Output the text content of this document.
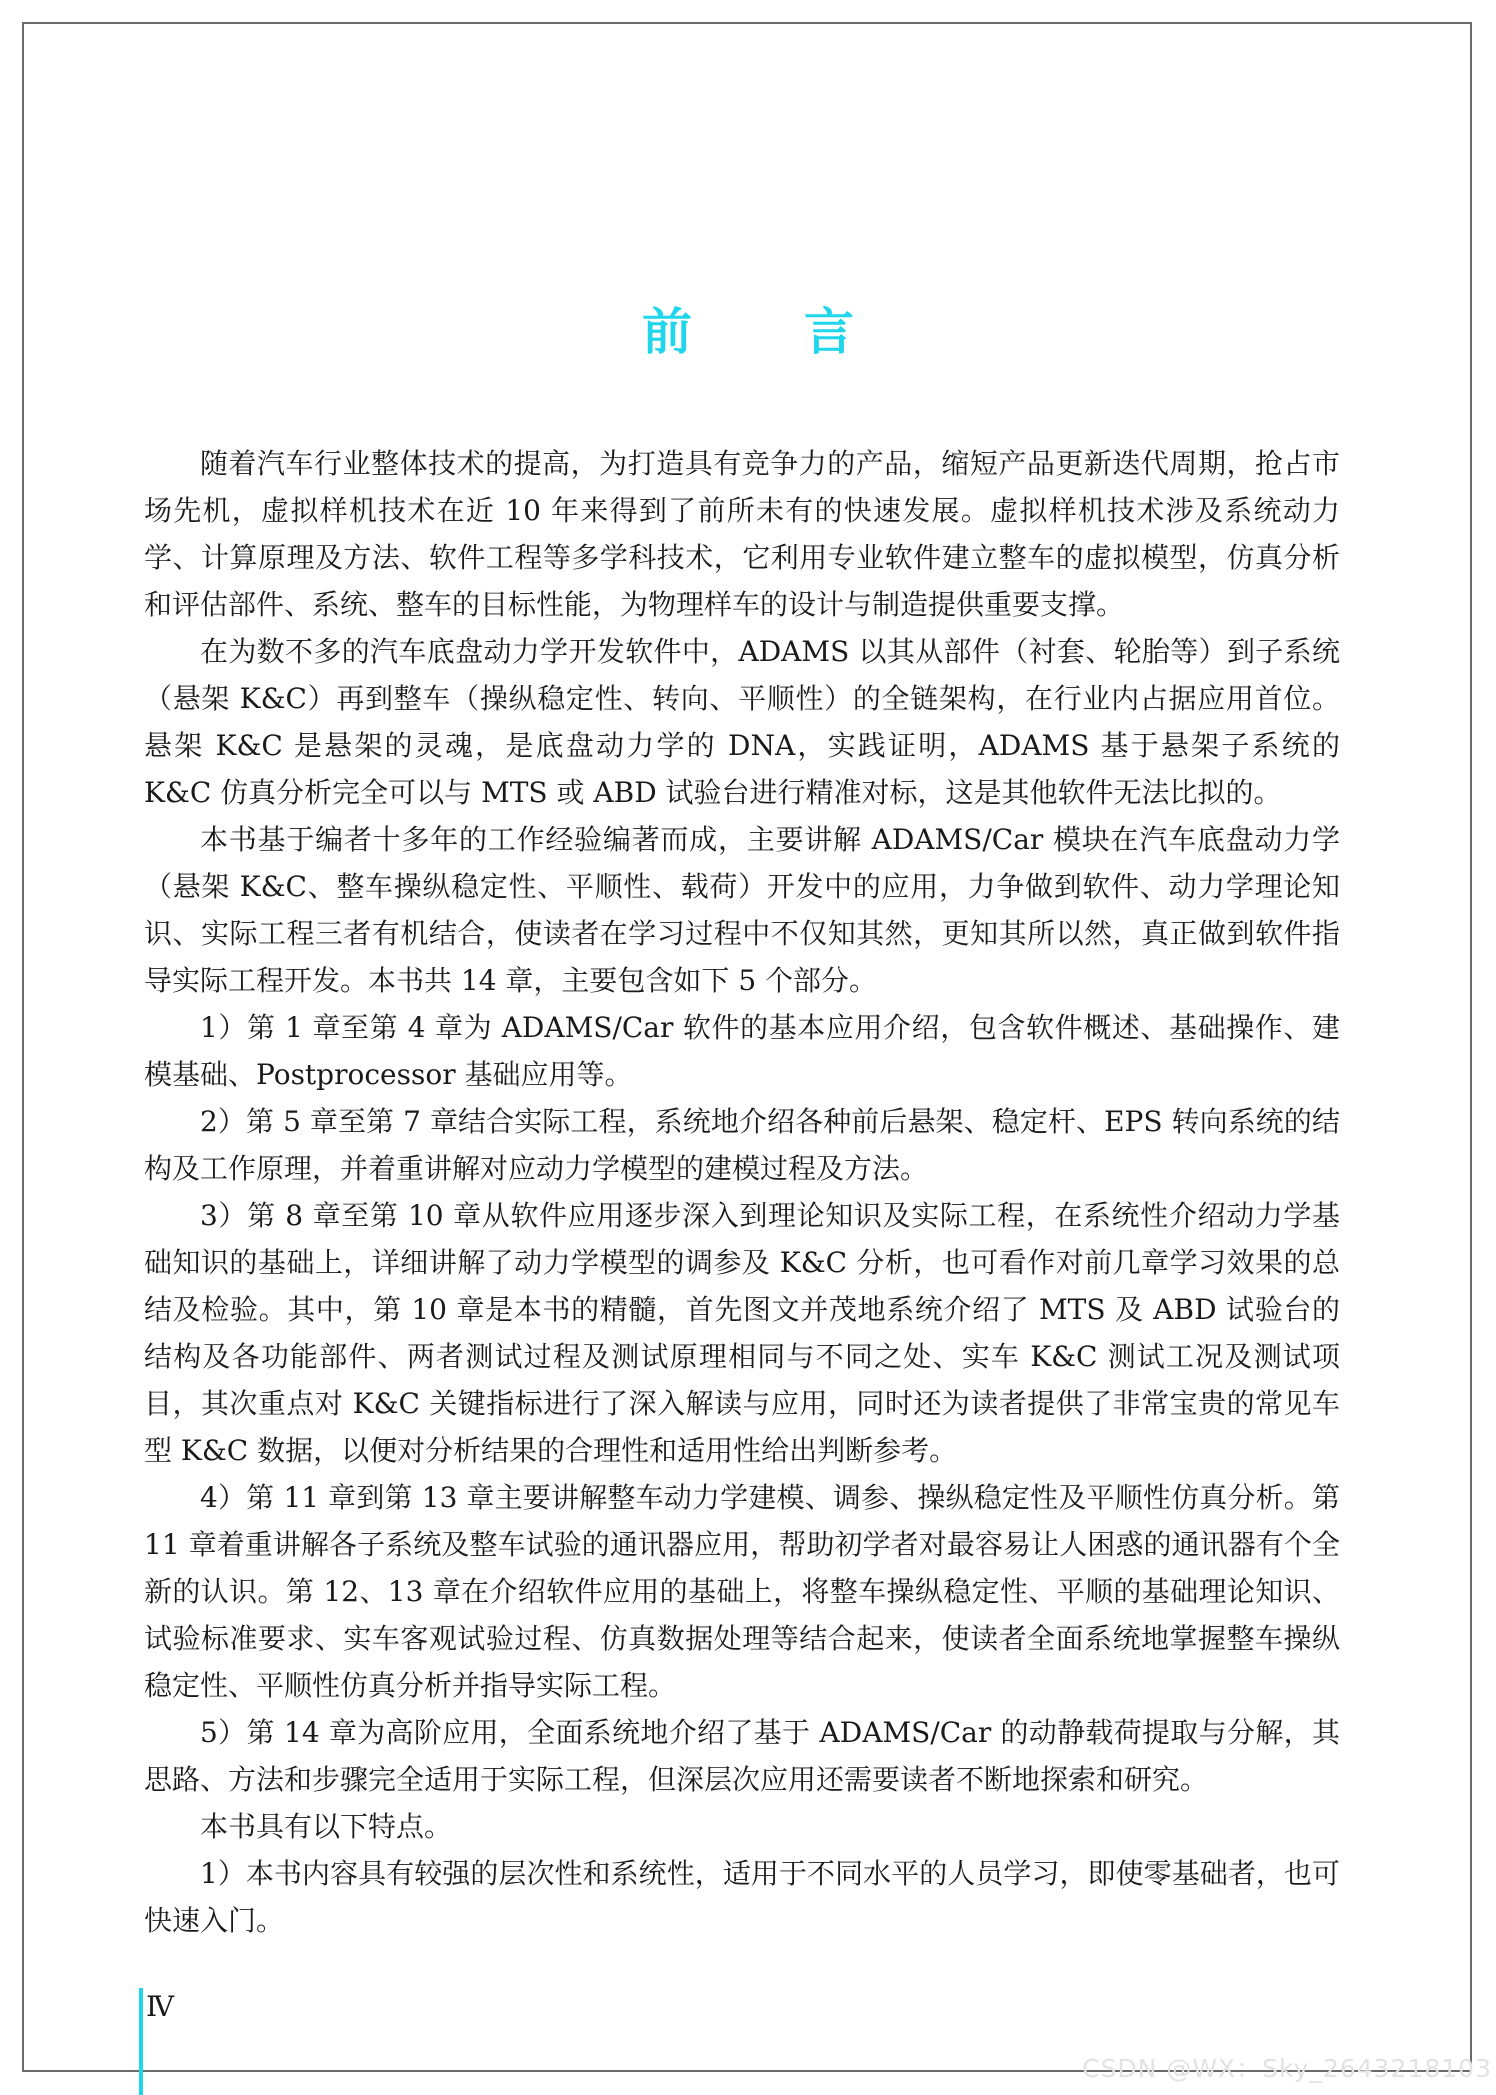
前 言

随着汽车行业整体技术的提高，为打造具有竞争力的产品，缩短产品更新迭代周期，抢占市场先机，虚拟样机技术在近 10 年来得到了前所未有的快速发展。虚拟样机技术涉及系统动力学、计算原理及方法、软件工程等多学科技术，它利用专业软件建立整车的虚拟模型，仿真分析和评估部件、系统、整车的目标性能，为物理样车的设计与制造提供重要支撑。

在为数不多的汽车底盘动力学开发软件中，ADAMS 以其从部件（衬套、轮胎等）到子系统（悬架 K&C）再到整车（操纵稳定性、转向、平顺性）的全链架构，在行业内占据应用首位。悬架 K&C 是悬架的灵魂，是底盘动力学的 DNA，实践证明，ADAMS 基于悬架子系统的 K&C 仿真分析完全可以与 MTS 或 ABD 试验台进行精准对标，这是其他软件无法比拟的。

本书基于编者十多年的工作经验编著而成，主要讲解 ADAMS/Car 模块在汽车底盘动力学（悬架 K&C、整车操纵稳定性、平顺性、载荷）开发中的应用，力争做到软件、动力学理论知识、实际工程三者有机结合，使读者在学习过程中不仅知其然，更知其所以然，真正做到软件指导实际工程开发。本书共 14 章，主要包含如下 5 个部分。

1）第 1 章至第 4 章为 ADAMS/Car 软件的基本应用介绍，包含软件概述、基础操作、建模基础、Postprocessor 基础应用等。

2）第 5 章至第 7 章结合实际工程，系统地介绍各种前后悬架、稳定杆、EPS 转向系统的结构及工作原理，并着重讲解对应动力学模型的建模过程及方法。

3）第 8 章至第 10 章从软件应用逐步深入到理论知识及实际工程，在系统性介绍动力学基础知识的基础上，详细讲解了动力学模型的调参及 K&C 分析，也可看作对前几章学习效果的总结及检验。其中，第 10 章是本书的精髓，首先图文并茂地系统介绍了 MTS 及 ABD 试验台的结构及各功能部件、两者测试过程及测试原理相同与不同之处、实车 K&C 测试工况及测试项目，其次重点对 K&C 关键指标进行了深入解读与应用，同时还为读者提供了非常宝贵的常见车型 K&C 数据，以便对分析结果的合理性和适用性给出判断参考。

4）第 11 章到第 13 章主要讲解整车动力学建模、调参、操纵稳定性及平顺性仿真分析。第 11 章着重讲解各子系统及整车试验的通讯器应用，帮助初学者对最容易让人困惑的通讯器有个全新的认识。第 12、13 章在介绍软件应用的基础上，将整车操纵稳定性、平顺的基础理论知识、试验标准要求、实车客观试验过程、仿真数据处理等结合起来，使读者全面系统地掌握整车操纵稳定性、平顺性仿真分析并指导实际工程。

5）第 14 章为高阶应用，全面系统地介绍了基于 ADAMS/Car 的动静载荷提取与分解，其思路、方法和步骤完全适用于实际工程，但深层次应用还需要读者不断地探索和研究。

本书具有以下特点。

1）本书内容具有较强的层次性和系统性，适用于不同水平的人员学习，即使零基础者，也可快速入门。

Ⅳ
CSDN @WX：Sky_2643218103
